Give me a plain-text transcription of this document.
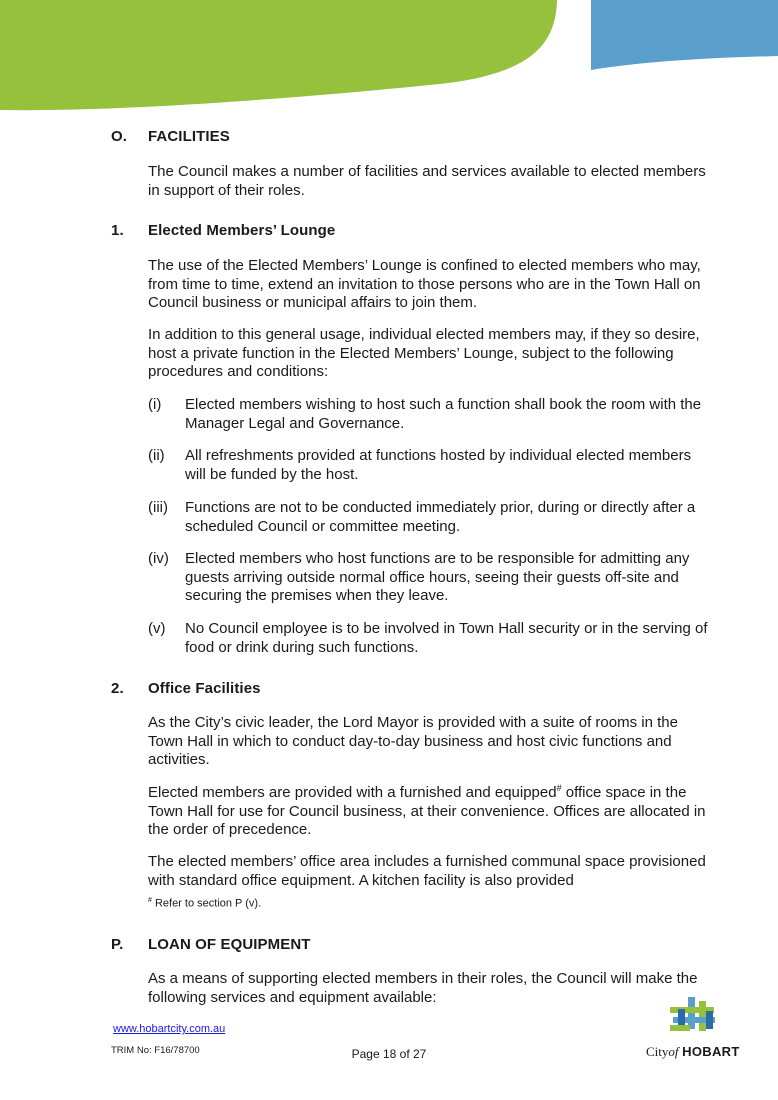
O. FACILITIES
The Council makes a number of facilities and services available to elected members in support of their roles.
1. Elected Members’ Lounge
The use of the Elected Members’ Lounge is confined to elected members who may, from time to time, extend an invitation to those persons who are in the Town Hall on Council business or municipal affairs to join them.
In addition to this general usage, individual elected members may, if they so desire, host a private function in the Elected Members’ Lounge, subject to the following procedures and conditions:
(i)	Elected members wishing to host such a function shall book the room with the Manager Legal and Governance.
(ii)	All refreshments provided at functions hosted by individual elected members will be funded by the host.
(iii)	Functions are not to be conducted immediately prior, during or directly after a scheduled Council or committee meeting.
(iv)	Elected members who host functions are to be responsible for admitting any guests arriving outside normal office hours, seeing their guests off-site and securing the premises when they leave.
(v)	No Council employee is to be involved in Town Hall security or in the serving of food or drink during such functions.
2. Office Facilities
As the City’s civic leader, the Lord Mayor is provided with a suite of rooms in the Town Hall in which to conduct day-to-day business and host civic functions and activities.
Elected members are provided with a furnished and equipped# office space in the Town Hall for use for Council business, at their convenience. Offices are allocated in the order of precedence.
The elected members’ office area includes a furnished communal space provisioned with standard office equipment. A kitchen facility is also provided
# Refer to section P (v).
P. LOAN OF EQUIPMENT
As a means of supporting elected members in their roles, the Council will make the following services and equipment available:
www.hobartcity.com.au
TRIM No: F16/78700	Page 18 of 27	Cityof HOBART
